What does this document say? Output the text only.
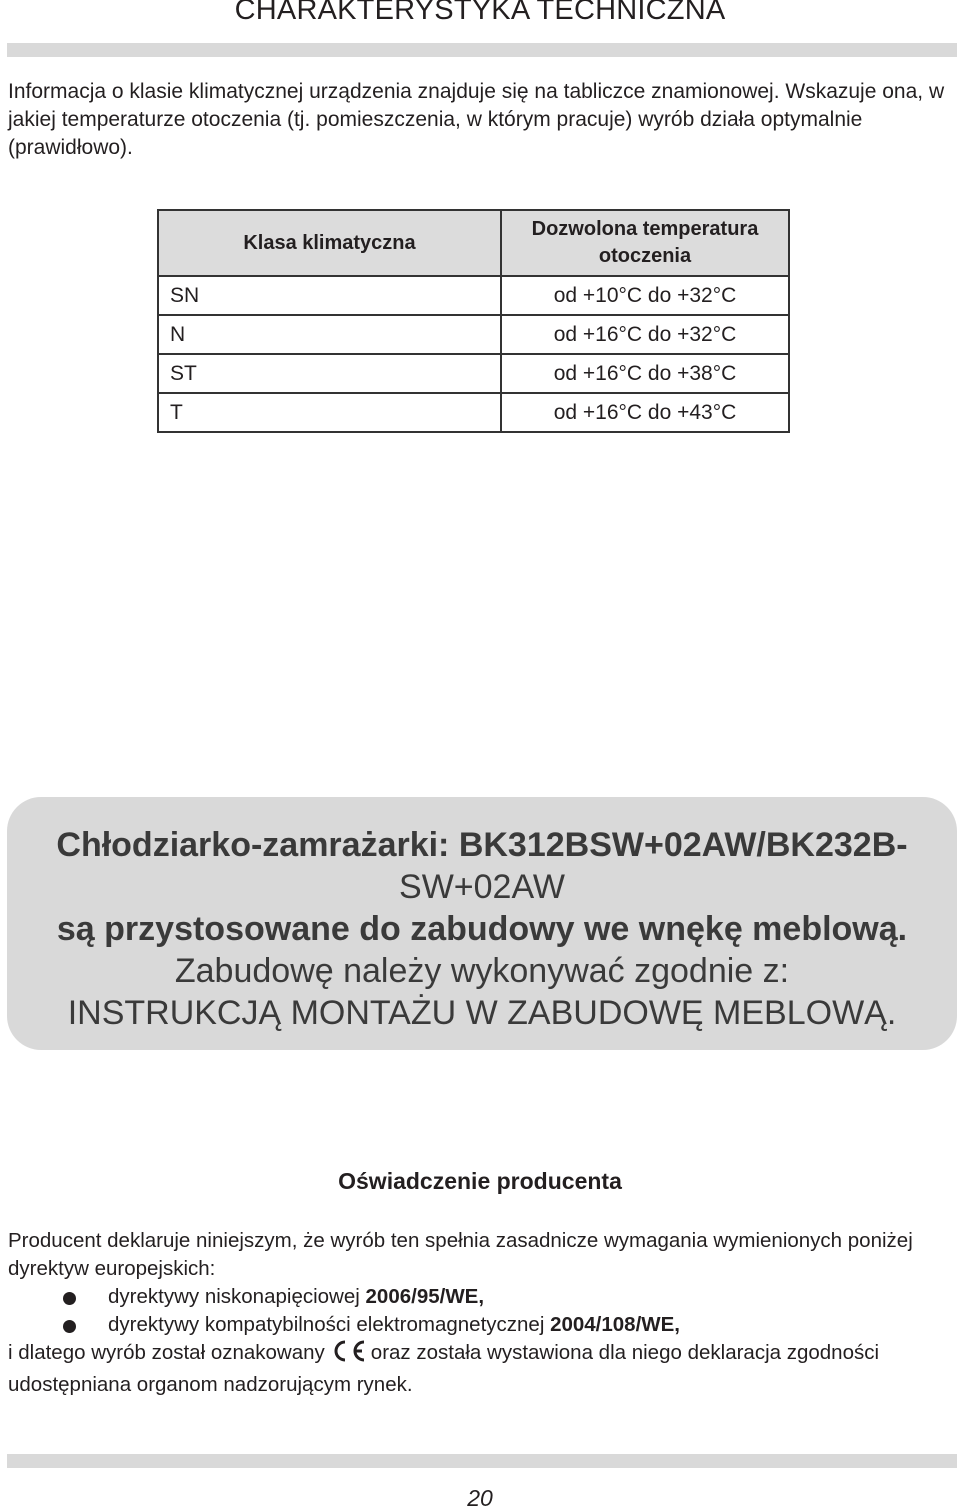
CHARAKTERYSTYKA TECHNICZNA
Informacja o klasie klimatycznej urządzenia znajduje się na tabliczce znamionowej. Wskazuje ona, w jakiej temperaturze otoczenia (tj. pomieszczenia, w którym pracuje) wyrób działa optymalnie (prawidłowo).
Klasa klimatyczna	Dozwolona temperatura otoczenia
SN	od +10°C do +32°C
N	od +16°C do +32°C
ST	od +16°C do +38°C
T	od +16°C do +43°C
Chłodziarko-zamrażarki: BK312BSW+02AW/BK232B-
SW+02AW
są przystosowane do zabudowy we wnękę meblową.
Zabudowę należy wykonywać zgodnie z:
INSTRUKCJĄ MONTAŻU W ZABUDOWĘ MEBLOWĄ.
Oświadczenie producenta
Producent deklaruje niniejszym, że wyrób ten spełnia zasadnicze wymagania wymienionych poniżej dyrektyw europejskich:
dyrektywy niskonapięciowej 2006/95/WE,
dyrektywy kompatybilności elektromagnetycznej 2004/108/WE,
i dlatego wyrób został oznakowany oraz została wystawiona dla niego deklaracja zgodności udostępniana organom nadzorującym rynek.
20
